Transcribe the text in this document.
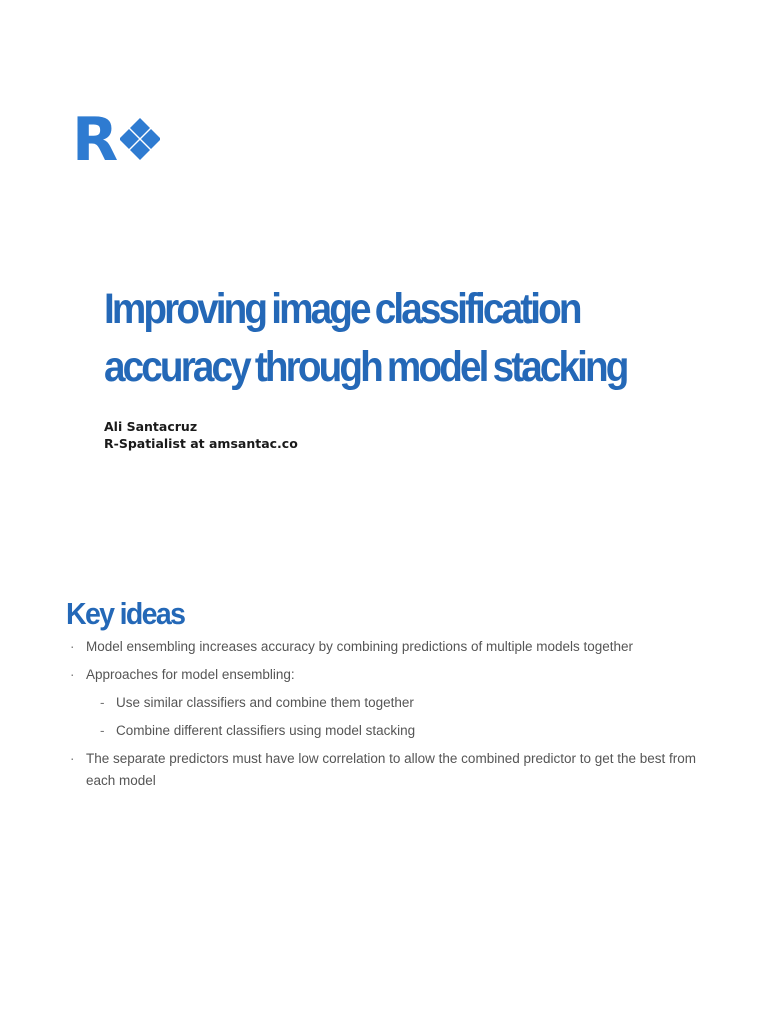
R
Improving image classification accuracy through model stacking
Ali Santacruz
R-Spatialist at amsantac.co
Key ideas
· Model ensembling increases accuracy by combining predictions of multiple models together
· Approaches for model ensembling:
- Use similar classifiers and combine them together
- Combine different classifiers using model stacking
· The separate predictors must have low correlation to allow the combined predictor to get the best from each model
